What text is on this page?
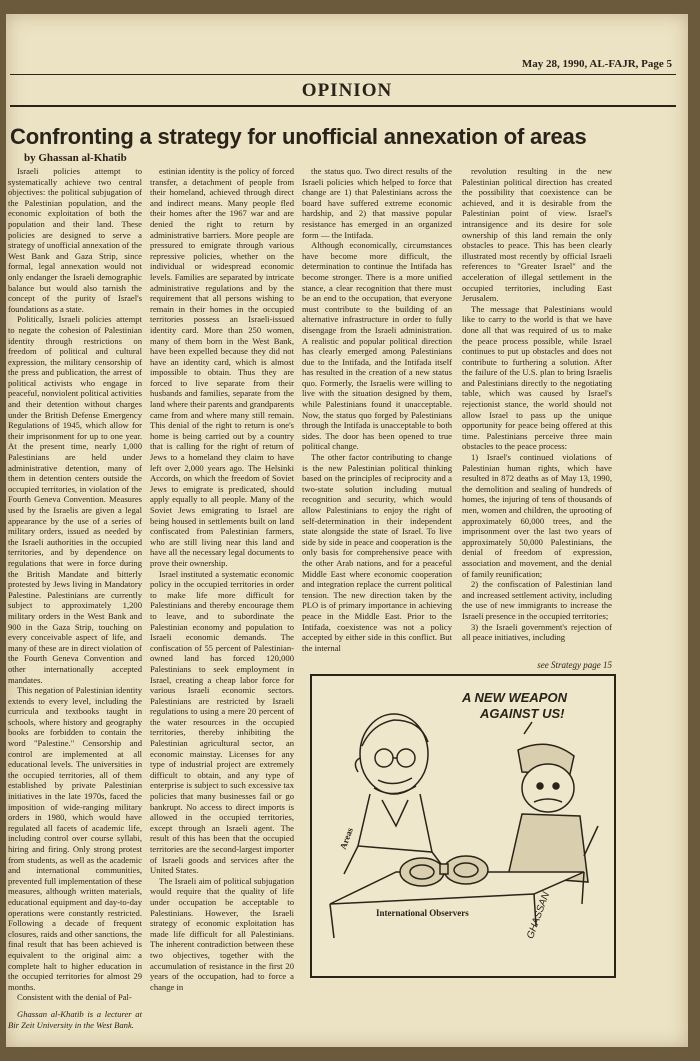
May 28, 1990, AL-FAJR, Page 5
OPINION
Confronting a strategy for unofficial annexation of areas
by Ghassan al-Khatib

Israeli policies attempt to systematically achieve two central objectives: the political subjugation of the Palestinian population, and the economic exploitation of both the population and their land. These policies are designed to serve a strategy of unofficial annexation of the West Bank and Gaza Strip, since formal, legal annexation would not only endanger the Israeli demographic balance but would also tarnish the concept of the purity of Israel's foundations as a state.

Politically, Israeli policies attempt to negate the cohesion of Palestinian identity through restrictions on freedom of political and cultural expression, the military censorship of the press and publication, the arrest of political activists who engage in peaceful, nonviolent political activities and their detention without charges under the British Defense Emergency Regulations of 1945, which allow for their imprisonment for up to one year. At the present time, nearly 1,000 Palestinians are held under administrative detention, many of them in detention centers outside the occupied territories, in violation of the Fourth Geneva Convention. Measures used by the Israelis are given a legal appearance by the use of a series of military orders, issued as needed by the Israeli authorities in the occupied territories, and by dependence on regulations that were in force during the British Mandate and bitterly protested by Jews living in Mandatory Palestine. Palestinians are currently subject to approximately 1,200 military orders in the West Bank and 900 in the Gaza Strip, touching on every conceivable aspect of life, and many of these are in direct violation of the Fourth Geneva Convention and other internationally accepted mandates.

This negation of Palestinian identity extends to every level, including the curricula and textbooks taught in schools, where history and geography books are forbidden to contain the word "Palestine." Censorship and control are implemented at all educational levels. The universities in the occupied territories, all of them established by private Palestinian initiatives in the late 1970s, faced the imposition of wide-ranging military orders in 1980, which would have regulated all facets of academic life, including control over course syllabi, hiring and firing. Only strong protest from students, as well as the academic and international communities, prevented full implementation of these measures, although written materials, educational equipment and day-to-day operations were constantly restricted. Following a decade of frequent closures, raids and other sanctions, the final result that has been achieved is equivalent to the original aim: a complete halt to higher education in the occupied territories for almost 29 months.

Consistent with the denial of Pal-

Ghassan al-Khatib is a lecturer at Bir Zeit University in the West Bank.

estinian identity is the policy of forced transfer, a detachment of people from their homeland, achieved through direct and indirect means. Many people fled their homes after the 1967 war and are denied the right to return by administrative barriers. More people are pressured to emigrate through various repressive policies, whether on the individual or widespread economic levels. Families are separated by intricate administrative regulations and by the requirement that all persons wishing to remain in their homes in the occupied territories possess an Israeli-issued identity card. More than 250 women, many of them born in the West Bank, have been expelled because they did not have an identity card, which is almost impossible to obtain. Thus they are forced to live separate from their husbands and families, separate from the land where their parents and grandparents came from and where many still remain. This denial of the right to return is one's home is being carried out by a country that is calling for the right of return of Jews to a homeland they claim to have left over 2,000 years ago. The Helsinki Accords, on which the freedom of Soviet Jews to emigrate is predicated, should apply equally to all people. Many of the Soviet Jews emigrating to Israel are being housed in settlements built on land confiscated from Palestinian farmers, who are still living near this land and have all the necessary legal documents to prove their ownership.

Israel instituted a systematic economic policy in the occupied territories in order to make life more difficult for Palestinians and thereby encourage them to leave, and to subordinate the Palestinian economy and population to Israeli economic demands. The confiscation of 55 percent of Palestinian-owned land has forced 120,000 Palestinians to seek employment in Israel, creating a cheap labor force for various Israeli economic sectors. Palestinians are restricted by Israeli regulations to using a mere 20 percent of the water resources in the occupied territories, thereby inhibiting the Palestinian agricultural sector, an economic mainstay. Licenses for any type of industrial project are extremely difficult to obtain, and any type of enterprise is subject to such excessive tax policies that many businesses fail or go bankrupt. No access to direct imports is allowed in the occupied territories, except through an Israeli agent. The result of this has been that the occupied territories are the second-largest importer of Israeli goods and services after the United States.

The Israeli aim of political subjugation would require that the quality of life under occupation be acceptable to Palestinians. However, the Israeli strategy of economic exploitation has made life difficult for all Palestinians. The inherent contradiction between these two objectives, together with the accumulation of resistance in the first 20 years of the occupation, had to force a change in

the status quo. Two direct results of the Israeli policies which helped to force that change are 1) that Palestinians across the board have suffered extreme economic hardship, and 2) that massive popular resistance has emerged in an organized form — the Intifada.

Although economically, circumstances have become more difficult, the determination to continue the Intifada has become stronger. There is a more unified stance, a clear recognition that there must be an end to the occupation, that everyone must contribute to the building of an alternative infrastructure in order to fully disengage from the Israeli administration. A realistic and popular political direction has clearly emerged among Palestinians due to the Intifada, and the Intifada itself has resulted in the creation of a new status quo. Formerly, the Israelis were willing to live with the situation designed by them, while Palestinians found it unacceptable. Now, the status quo forged by Palestinians through the Intifada is unacceptable to both sides. The door has been opened to true political change.

The other factor contributing to change is the new Palestinian political thinking based on the principles of reciprocity and a two-state solution including mutual recognition and security, which would allow Palestinians to enjoy the right of self-determination in their independent state alongside the state of Israel. To live side by side in peace and cooperation is the only basis for comprehensive peace with the other Arab nations, and for a peaceful Middle East where economic cooperation and integration replace the current political tension. The new direction taken by the PLO is of primary importance in achieving peace in the Middle East. Prior to the Intifada, coexistence was not a policy accepted by either side in this conflict. But the internal

revolution resulting in the new Palestinian political direction has created the possibility that coexistence can be achieved, and it is desirable from the Palestinian point of view. Israel's intransigence and its desire for sole ownership of this land remain the only obstacles to peace. This has been clearly illustrated most recently by official Israeli references to "Greater Israel" and the acceleration of illegal settlement in the occupied territories, including East Jerusalem.

The message that Palestinians would like to carry to the world is that we have done all that was required of us to make the peace process possible, while Israel continues to put up obstacles and does not contribute to furthering a solution. After the failure of the U.S. plan to bring Israelis and Palestinians directly to the negotiating table, which was caused by Israel's rejectionist stance, the world should not allow Israel to pass up the unique opportunity for peace being offered at this time. Palestinians perceive three main obstacles to the peace process:

1) Israel's continued violations of Palestinian human rights, which have resulted in 872 deaths as of May 13, 1990, the demolition and sealing of hundreds of homes, the injuring of tens of thousands of men, women and children, the uprooting of approximately 60,000 trees, and the imprisonment over the last two years of approximately 50,000 Palestinians, the denial of freedom of expression, association and movement, and the denial of family reunification;

2) the confiscation of Palestinian land and increased settlement activity, including the use of new immigrants to increase the Israeli presence in the occupied territories;

3) the Israeli government's rejection of all peace initiatives, including

see Strategy page 15
A NEW WEAPON
AGAINST US!
Areas
International Observers	GHASSAN
